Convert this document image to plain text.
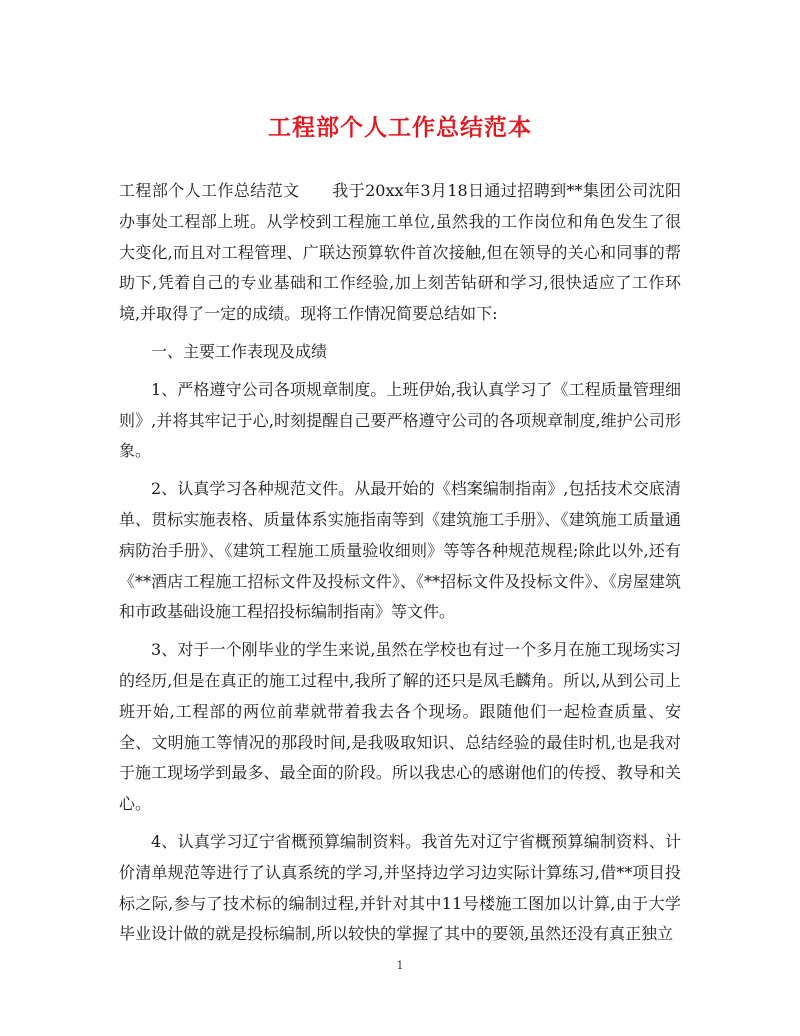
工程部个人工作总结范本

工程部个人工作总结范文　　我于20xx年3月18日通过招聘到**集团公司沈阳办事处工程部上班。从学校到工程施工单位,虽然我的工作岗位和角色发生了很大变化,而且对工程管理、广联达预算软件首次接触,但在领导的关心和同事的帮助下,凭着自己的专业基础和工作经验,加上刻苦钻研和学习,很快适应了工作环境,并取得了一定的成绩。现将工作情况简要总结如下:

一、主要工作表现及成绩

1、严格遵守公司各项规章制度。上班伊始,我认真学习了《工程质量管理细则》,并将其牢记于心,时刻提醒自己要严格遵守公司的各项规章制度,维护公司形象。

2、认真学习各种规范文件。从最开始的《档案编制指南》,包括技术交底清单、贯标实施表格、质量体系实施指南等到《建筑施工手册》、《建筑施工质量通病防治手册》、《建筑工程施工质量验收细则》等等各种规范规程;除此以外,还有《**酒店工程施工招标文件及投标文件》、《**招标文件及投标文件》、《房屋建筑和市政基础设施工程招投标编制指南》等文件。

3、对于一个刚毕业的学生来说,虽然在学校也有过一个多月在施工现场实习的经历,但是在真正的施工过程中,我所了解的还只是凤毛麟角。所以,从到公司上班开始,工程部的两位前辈就带着我去各个现场。跟随他们一起检查质量、安全、文明施工等情况的那段时间,是我吸取知识、总结经验的最佳时机,也是我对于施工现场学到最多、最全面的阶段。所以我忠心的感谢他们的传授、教导和关心。

4、认真学习辽宁省概预算编制资料。我首先对辽宁省概预算编制资料、计价清单规范等进行了认真系统的学习,并坚持边学习边实际计算练习,借**项目投标之际,参与了技术标的编制过程,并针对其中11号楼施工图加以计算,由于大学毕业设计做的就是投标编制,所以较快的掌握了其中的要领,虽然还没有真正独立

1
